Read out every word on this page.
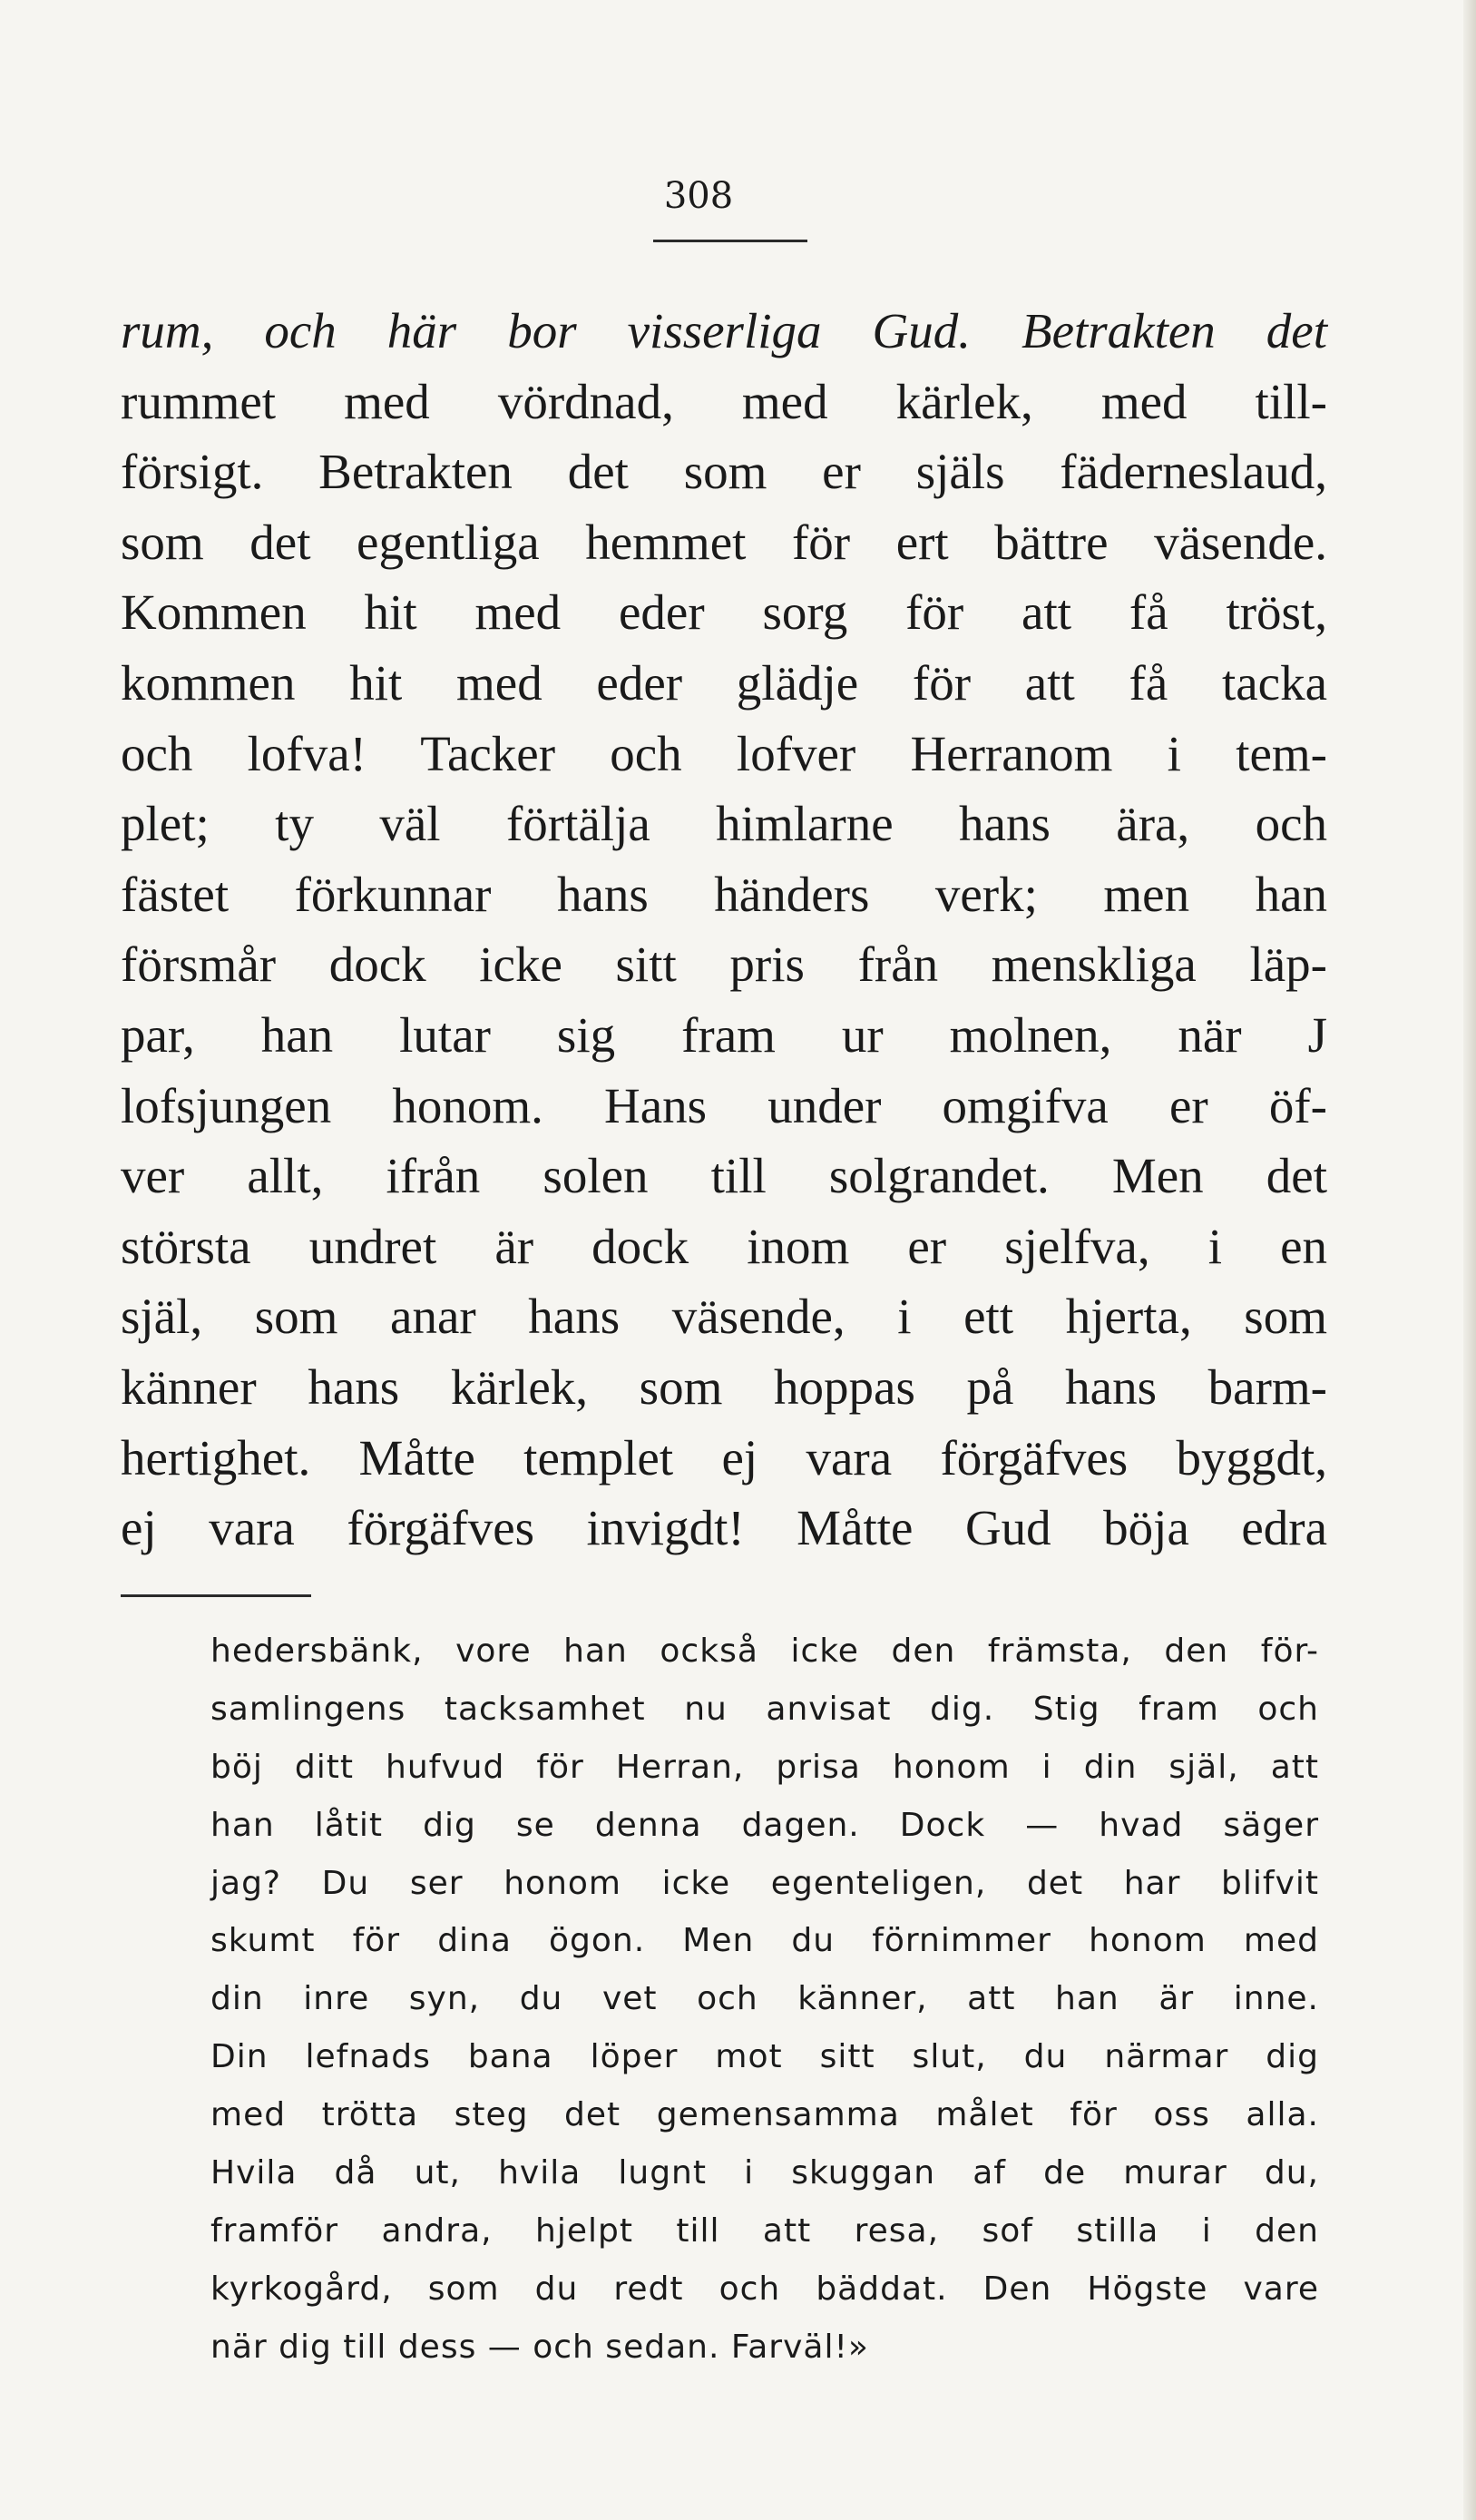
308
rum, och här bor visserliga Gud. Betrakten det
rummet med vördnad, med kärlek, med till-
försigt. Betrakten det som er själs fäderneslaud,
som det egentliga hemmet för ert bättre väsende.
Kommen hit med eder sorg för att få tröst,
kommen hit med eder glädje för att få tacka
och lofva! Tacker och lofver Herranom i tem-
plet; ty väl förtälja himlarne hans ära, och
fästet förkunnar hans händers verk; men han
försmår dock icke sitt pris från menskliga läp-
par, han lutar sig fram ur molnen, när J
lofsjungen honom. Hans under omgifva er öf-
ver allt, ifrån solen till solgrandet. Men det
största undret är dock inom er sjelfva, i en
själ, som anar hans väsende, i ett hjerta, som
känner hans kärlek, som hoppas på hans barm-
hertighet. Måtte templet ej vara förgäfves byggdt,
ej vara förgäfves invigdt! Måtte Gud böja edra
hedersbänk, vore han också icke den främsta, den för-
samlingens tacksamhet nu anvisat dig. Stig fram och
böj ditt hufvud för Herran, prisa honom i din själ, att
han låtit dig se denna dagen. Dock — hvad säger
jag? Du ser honom icke egenteligen, det har blifvit
skumt för dina ögon. Men du förnimmer honom med
din inre syn, du vet och känner, att han är inne.
Din lefnads bana löper mot sitt slut, du närmar dig
med trötta steg det gemensamma målet för oss alla.
Hvila då ut, hvila lugnt i skuggan af de murar du,
framför andra, hjelpt till att resa, sof stilla i den
kyrkogård, som du redt och bäddat. Den Högste vare
när dig till dess — och sedan. Farväl!»
